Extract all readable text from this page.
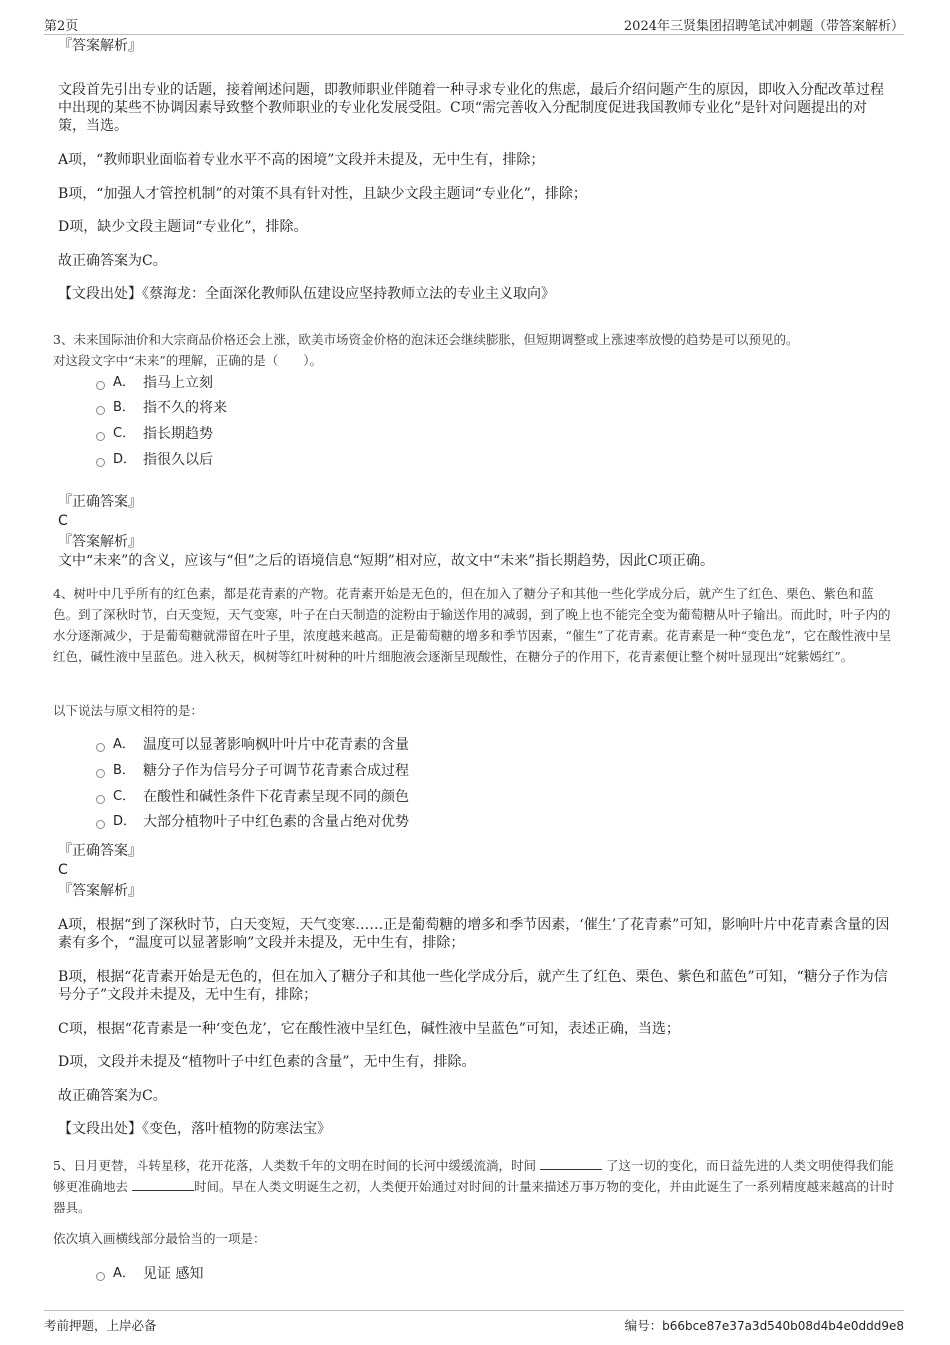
第2页	2024年三贤集团招聘笔试冲刺题（带答案解析）

『答案解析』

文段首先引出专业的话题，接着阐述问题，即教师职业伴随着一种寻求专业化的焦虑，最后介绍问题产生的原因，即收入分配改革过程中出现的某些不协调因素导致整个教师职业的专业化发展受阻。C项“需完善收入分配制度促进我国教师专业化”是针对问题提出的对策，当选。

A项，“教师职业面临着专业水平不高的困境”文段并未提及，无中生有，排除；

B项，“加强人才管控机制”的对策不具有针对性，且缺少文段主题词“专业化”，排除；

D项，缺少文段主题词“专业化”，排除。

故正确答案为C。

【文段出处】《蔡海龙：全面深化教师队伍建设应坚持教师立法的专业主义取向》

3、未来国际油价和大宗商品价格还会上涨，欧美市场资金价格的泡沫还会继续膨胀，但短期调整或上涨速率放慢的趋势是可以预见的。

对这段文字中“未来”的理解，正确的是（　　）。

A． 指马上立刻
B． 指不久的将来
C． 指长期趋势
D． 指很久以后

『正确答案』

C

『答案解析』

文中“未来”的含义，应该与“但”之后的语境信息“短期”相对应，故文中“未来”指长期趋势，因此C项正确。

4、树叶中几乎所有的红色素，都是花青素的产物。花青素开始是无色的，但在加入了糖分子和其他一些化学成分后，就产生了红色、栗色、紫色和蓝色。到了深秋时节，白天变短，天气变寒，叶子在白天制造的淀粉由于输送作用的减弱，到了晚上也不能完全变为葡萄糖从叶子输出。而此时，叶子内的水分逐渐减少，于是葡萄糖就滞留在叶子里，浓度越来越高。正是葡萄糖的增多和季节因素，“催生”了花青素。花青素是一种“变色龙”，它在酸性液中呈红色，碱性液中呈蓝色。进入秋天，枫树等红叶树种的叶片细胞液会逐渐呈现酸性，在糖分子的作用下，花青素便让整个树叶显现出“姹紫嫣红”。

以下说法与原文相符的是：

A． 温度可以显著影响枫叶叶片中花青素的含量
B． 糖分子作为信号分子可调节花青素合成过程
C． 在酸性和碱性条件下花青素呈现不同的颜色
D． 大部分植物叶子中红色素的含量占绝对优势

『正确答案』

C

『答案解析』

A项，根据“到了深秋时节，白天变短，天气变寒……正是葡萄糖的增多和季节因素，‘催生’了花青素”可知，影响叶片中花青素含量的因素有多个，“温度可以显著影响”文段并未提及，无中生有，排除；

B项，根据“花青素开始是无色的，但在加入了糖分子和其他一些化学成分后，就产生了红色、栗色、紫色和蓝色”可知，“糖分子作为信号分子”文段并未提及，无中生有，排除；

C项，根据“花青素是一种‘变色龙’，它在酸性液中呈红色，碱性液中呈蓝色”可知，表述正确，当选；

D项，文段并未提及“植物叶子中红色素的含量”，无中生有，排除。

故正确答案为C。

【文段出处】《变色，落叶植物的防寒法宝》

5、日月更替，斗转星移，花开花落，人类数千年的文明在时间的长河中缓缓流淌，时间	了这一切的变化，而日益先进的人类文明使得我们能够更准确地去	时间。早在人类文明诞生之初，人类便开始通过对时间的计量来描述万事万物的变化，并由此诞生了一系列精度越来越高的计时器具。

依次填入画横线部分最恰当的一项是：

A． 见证 感知
考前押题，上岸必备	编号：b66bce87e37a3d540b08d4b4e0ddd9e8
